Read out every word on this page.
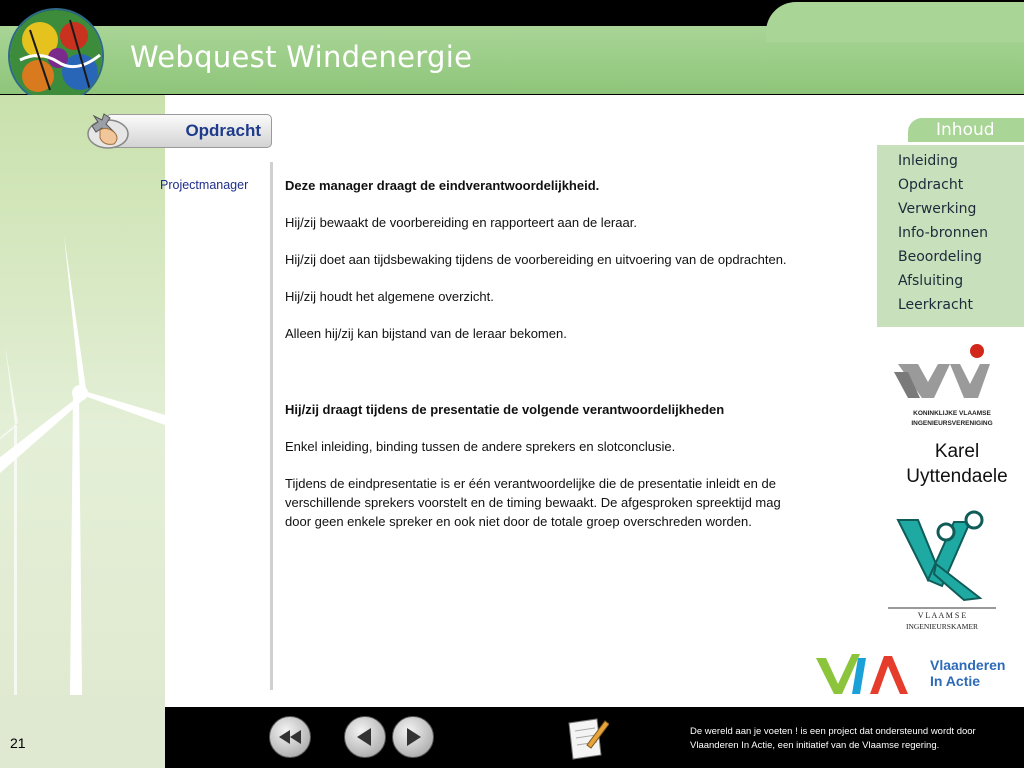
Webquest Windenergie
Opdracht
Projectmanager	Deze manager draagt de eindverantwoordelijkheid.

Hij/zij bewaakt de voorbereiding en rapporteert aan de leraar.

Hij/zij doet aan tijdsbewaking tijdens de voorbereiding en uitvoering van de opdrachten.

Hij/zij houdt het algemene overzicht.

Alleen hij/zij kan bijstand van de leraar bekomen.

Hij/zij draagt tijdens de presentatie de volgende verantwoordelijkheden

Enkel inleiding, binding tussen de andere sprekers en slotconclusie.

Tijdens de eindpresentatie is er één verantwoordelijke die de presentatie inleidt en de verschillende sprekers voorstelt en de timing bewaakt. De afgesproken spreektijd mag door geen enkele spreker en ook niet door de totale groep overschreden worden.

Inhoud
Inleiding
Opdracht
Verwerking
Info-bronnen
Beoordeling
Afsluiting
Leerkracht
KONINKLIJKE VLAAMSE
INGENIEURSVERENIGING
Karel
Uyttendaele
V L A A M S E
INGENIEURSKAMER
Vlaanderen
In Actie
21
De wereld aan je voeten ! is een project dat ondersteund wordt door Vlaanderen In Actie, een initiatief van de Vlaamse regering.
